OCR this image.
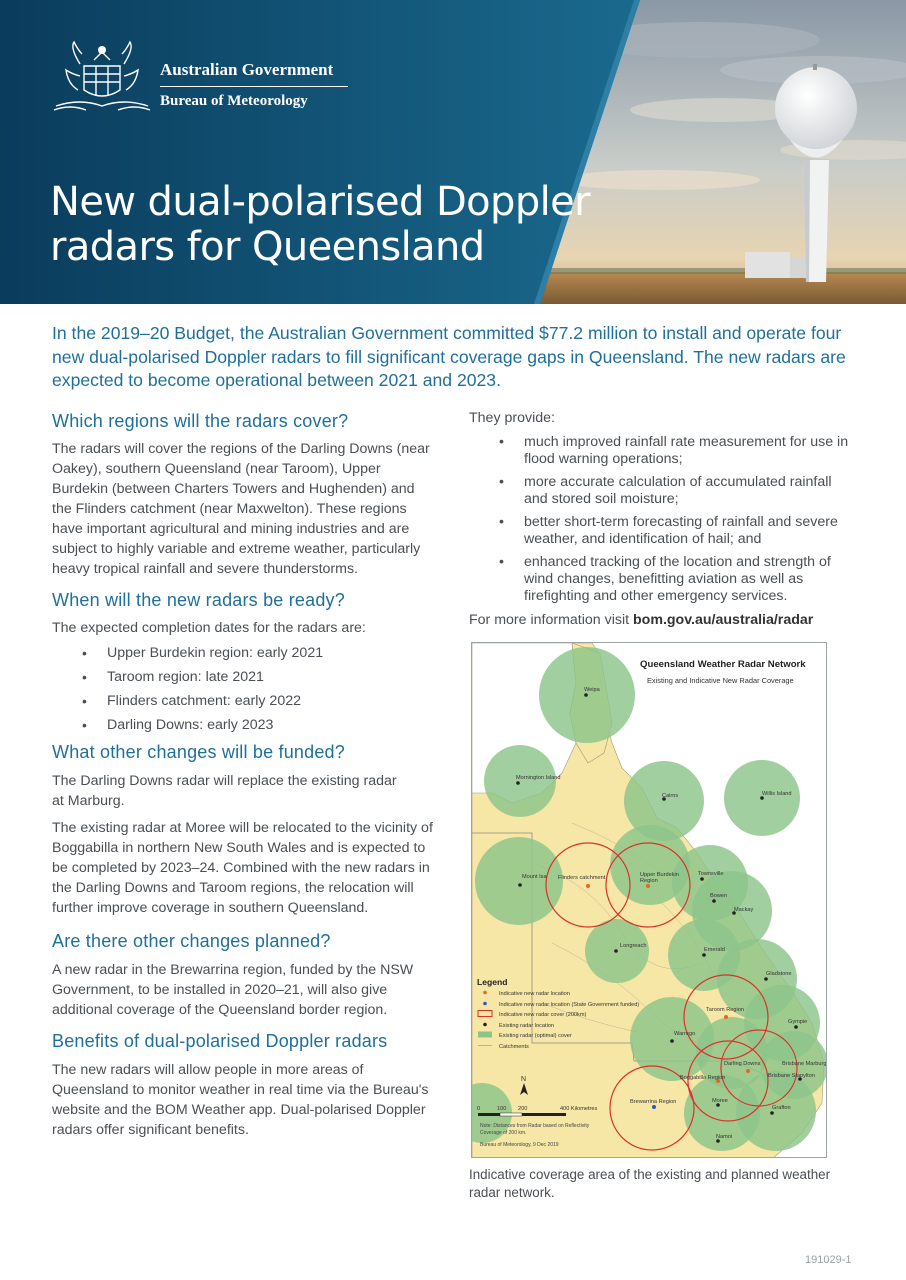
Australian Government
Bureau of Meteorology
New dual-polarised Doppler
radars for Queensland

In the 2019–20 Budget, the Australian Government committed $77.2 million to install and operate four new dual-polarised Doppler radars to fill significant coverage gaps in Queensland. The new radars are expected to become operational between 2021 and 2023.

Which regions will the radars cover?

The radars will cover the regions of the Darling Downs (near Oakey), southern Queensland (near Taroom), Upper Burdekin (between Charters Towers and Hughenden) and the Flinders catchment (near Maxwelton). These regions have important agricultural and mining industries and are subject to highly variable and extreme weather, particularly heavy tropical rainfall and severe thunderstorms.

When will the new radars be ready?

The expected completion dates for the radars are:

• Upper Burdekin region: early 2021
• Taroom region: late 2021
• Flinders catchment: early 2022
• Darling Downs: early 2023
What other changes will be funded?

The Darling Downs radar will replace the existing radar at Marburg.

The existing radar at Moree will be relocated to the vicinity of Boggabilla in northern New South Wales and is expected to be completed by 2023–24. Combined with the new radars in the Darling Downs and Taroom regions, the relocation will further improve coverage in southern Queensland.

Are there other changes planned?

A new radar in the Brewarrina region, funded by the NSW Government, to be installed in 2020–21, will also give additional coverage of the Queensland border region.

Benefits of dual-polarised Doppler radars

The new radars will allow people in more areas of Queensland to monitor weather in real time via the Bureau's website and the BOM Weather app. Dual-polarised Doppler radars offer significant benefits.

They provide:

• much improved rainfall rate measurement for use in flood warning operations;
• more accurate calculation of accumulated rainfall and stored soil moisture;
• better short-term forecasting of rainfall and severe weather, and identification of hail; and
• enhanced tracking of the location and strength of wind changes, benefitting aviation as well as firefighting and other emergency services.
For more information visit bom.gov.au/australia/radar
Queensland Weather Radar Network
Existing and Indicative New Radar Coverage
Weipa
Mornington Island
Cairns	Willis Island
Townsville
Bowen
Mackay
Mount Isa Flinders catchment	Upper Burdekin Region
Longreach
Emerald
Gladstone
Taroom Region
Gympie
Warrego
Darling Downs	Brisbane Marburg
Brisbane Stapylton
Boggabilla Region
Moree
Brewarrina Region
Grafton
Namoi
Legend
Indicative new radar location
Indicative new radar location (State Government funded)
Indicative new radar cover (200km)
Existing radar location
Existing radar (optimal) cover
Catchments
N
0	100 200	400 Kilometres
Note: Distances from Radar based on Reflectivity Coverage of 200 km.
Bureau of Meteorology, 9 Dec 2019

Indicative coverage area of the existing and planned weather radar network.

191029-1
